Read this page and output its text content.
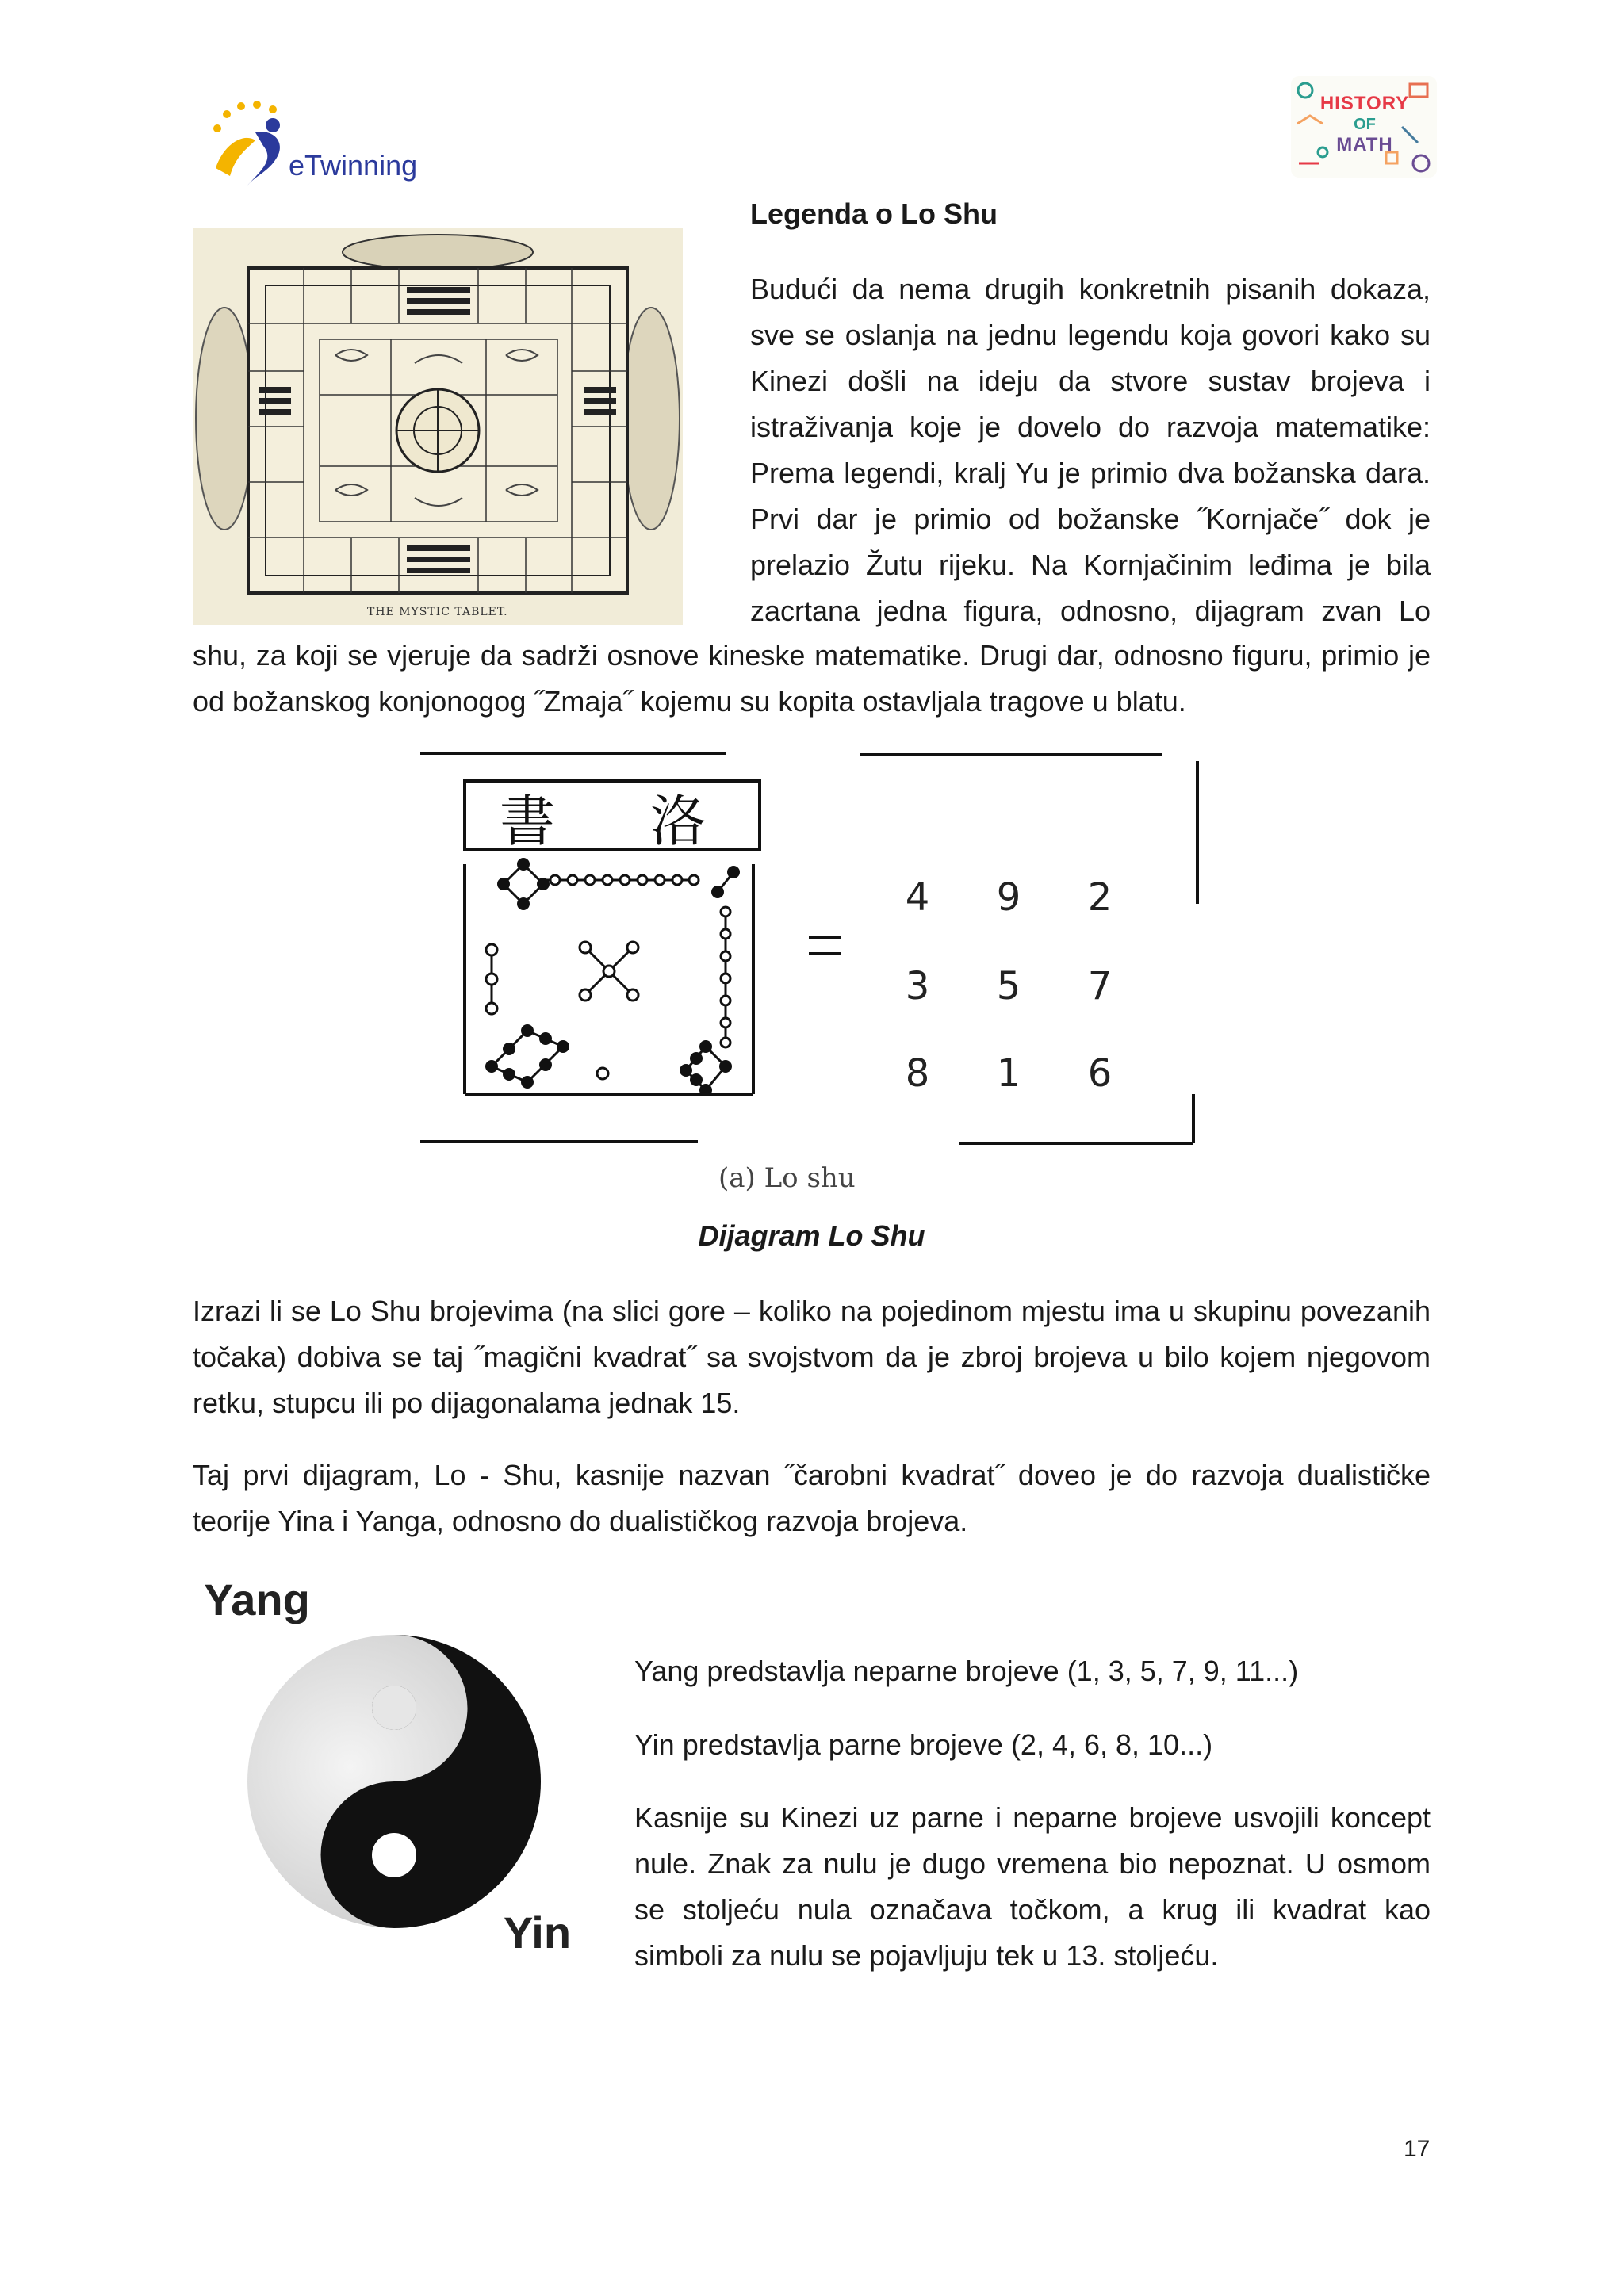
eTwinning
HISTORY
OF
MATH
THE MYSTIC TABLET.
Legenda o Lo Shu
Budući da nema drugih konkretnih pisanih dokaza,
sve se oslanja na jednu legendu koja govori kako su
Kinezi došli na ideju da stvore sustav brojeva i
istraživanja koje je dovelo do razvoja matematike:
Prema legendi, kralj Yu je primio dva božanska dara.
Prvi dar je primio od božanske ˝Kornjače˝ dok je
prelazio Žutu rijeku. Na Kornjačinim leđima je bila
zacrtana jedna figura, odnosno, dijagram zvan Lo
shu, za koji se vjeruje da sadrži osnove kineske matematike. Drugi dar, odnosno figuru, primio je od božanskog konjonogog ˝Zmaja˝ kojemu su kopita ostavljala tragove u blatu.
書 洛
4 9 2
3 5 7
8 1 6
(a) Lo shu
Dijagram Lo Shu
Izrazi li se Lo Shu brojevima (na slici gore – koliko na pojedinom mjestu ima u skupinu povezanih točaka) dobiva se taj ˝magični kvadrat˝ sa svojstvom da je zbroj brojeva u bilo kojem njegovom retku, stupcu ili po dijagonalama jednak 15.
Taj prvi dijagram, Lo - Shu, kasnije nazvan ˝čarobni kvadrat˝ doveo je do razvoja dualističke teorije Yina i Yanga, odnosno do dualističkog razvoja brojeva.
Yang
Yin
Yang predstavlja neparne brojeve (1, 3, 5, 7, 9, 11...)
Yin predstavlja parne brojeve (2, 4, 6, 8, 10...)
Kasnije su Kinezi uz parne i neparne brojeve usvojili koncept nule. Znak za nulu je dugo vremena bio nepoznat. U osmom se stoljeću nula označava točkom, a krug ili kvadrat kao simboli za nulu se pojavljuju tek u 13. stoljeću.
17
